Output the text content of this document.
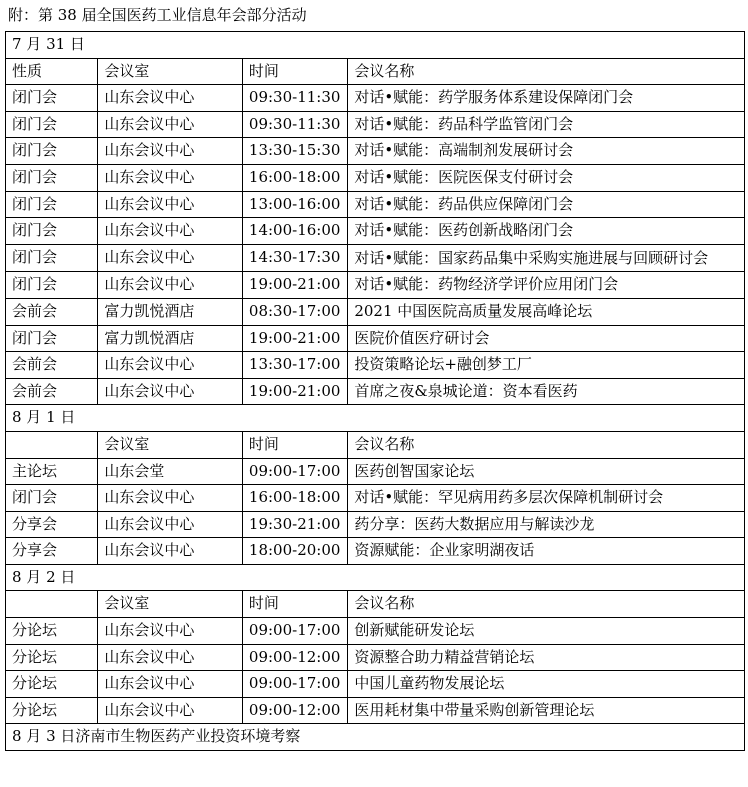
附：第 38 届全国医药工业信息年会部分活动
7 月 31 日			
性质	会议室	时间	会议名称
闭门会	山东会议中心	09:30-11:30	对话•赋能：药学服务体系建设保障闭门会
闭门会	山东会议中心	09:30-11:30	对话•赋能：药品科学监管闭门会
闭门会	山东会议中心	13:30-15:30	对话•赋能：高端制剂发展研讨会
闭门会	山东会议中心	16:00-18:00	对话•赋能：医院医保支付研讨会
闭门会	山东会议中心	13:00-16:00	对话•赋能：药品供应保障闭门会
闭门会	山东会议中心	14:00-16:00	对话•赋能：医药创新战略闭门会
闭门会	山东会议中心	14:30-17:30	对话•赋能：国家药品集中采购实施进展与回顾研讨会
闭门会	山东会议中心	19:00-21:00	对话•赋能：药物经济学评价应用闭门会
会前会	富力凯悦酒店	08:30-17:00	2021 中国医院高质量发展高峰论坛
闭门会	富力凯悦酒店	19:00-21:00	医院价值医疗研讨会
会前会	山东会议中心	13:30-17:00	投资策略论坛+融创梦工厂
会前会	山东会议中心	19:00-21:00	首席之夜&泉城论道：资本看医药
8 月 1 日			
	会议室	时间	会议名称
主论坛	山东会堂	09:00-17:00	医药创智国家论坛
闭门会	山东会议中心	16:00-18:00	对话•赋能：罕见病用药多层次保障机制研讨会
分享会	山东会议中心	19:30-21:00	药分享：医药大数据应用与解读沙龙
分享会	山东会议中心	18:00-20:00	资源赋能：企业家明湖夜话
8 月 2 日			
	会议室	时间	会议名称
分论坛	山东会议中心	09:00-17:00	创新赋能研发论坛
分论坛	山东会议中心	09:00-12:00	资源整合助力精益营销论坛
分论坛	山东会议中心	09:00-17:00	中国儿童药物发展论坛
分论坛	山东会议中心	09:00-12:00	医用耗材集中带量采购创新管理论坛
8 月 3 日济南市生物医药产业投资环境考察			
